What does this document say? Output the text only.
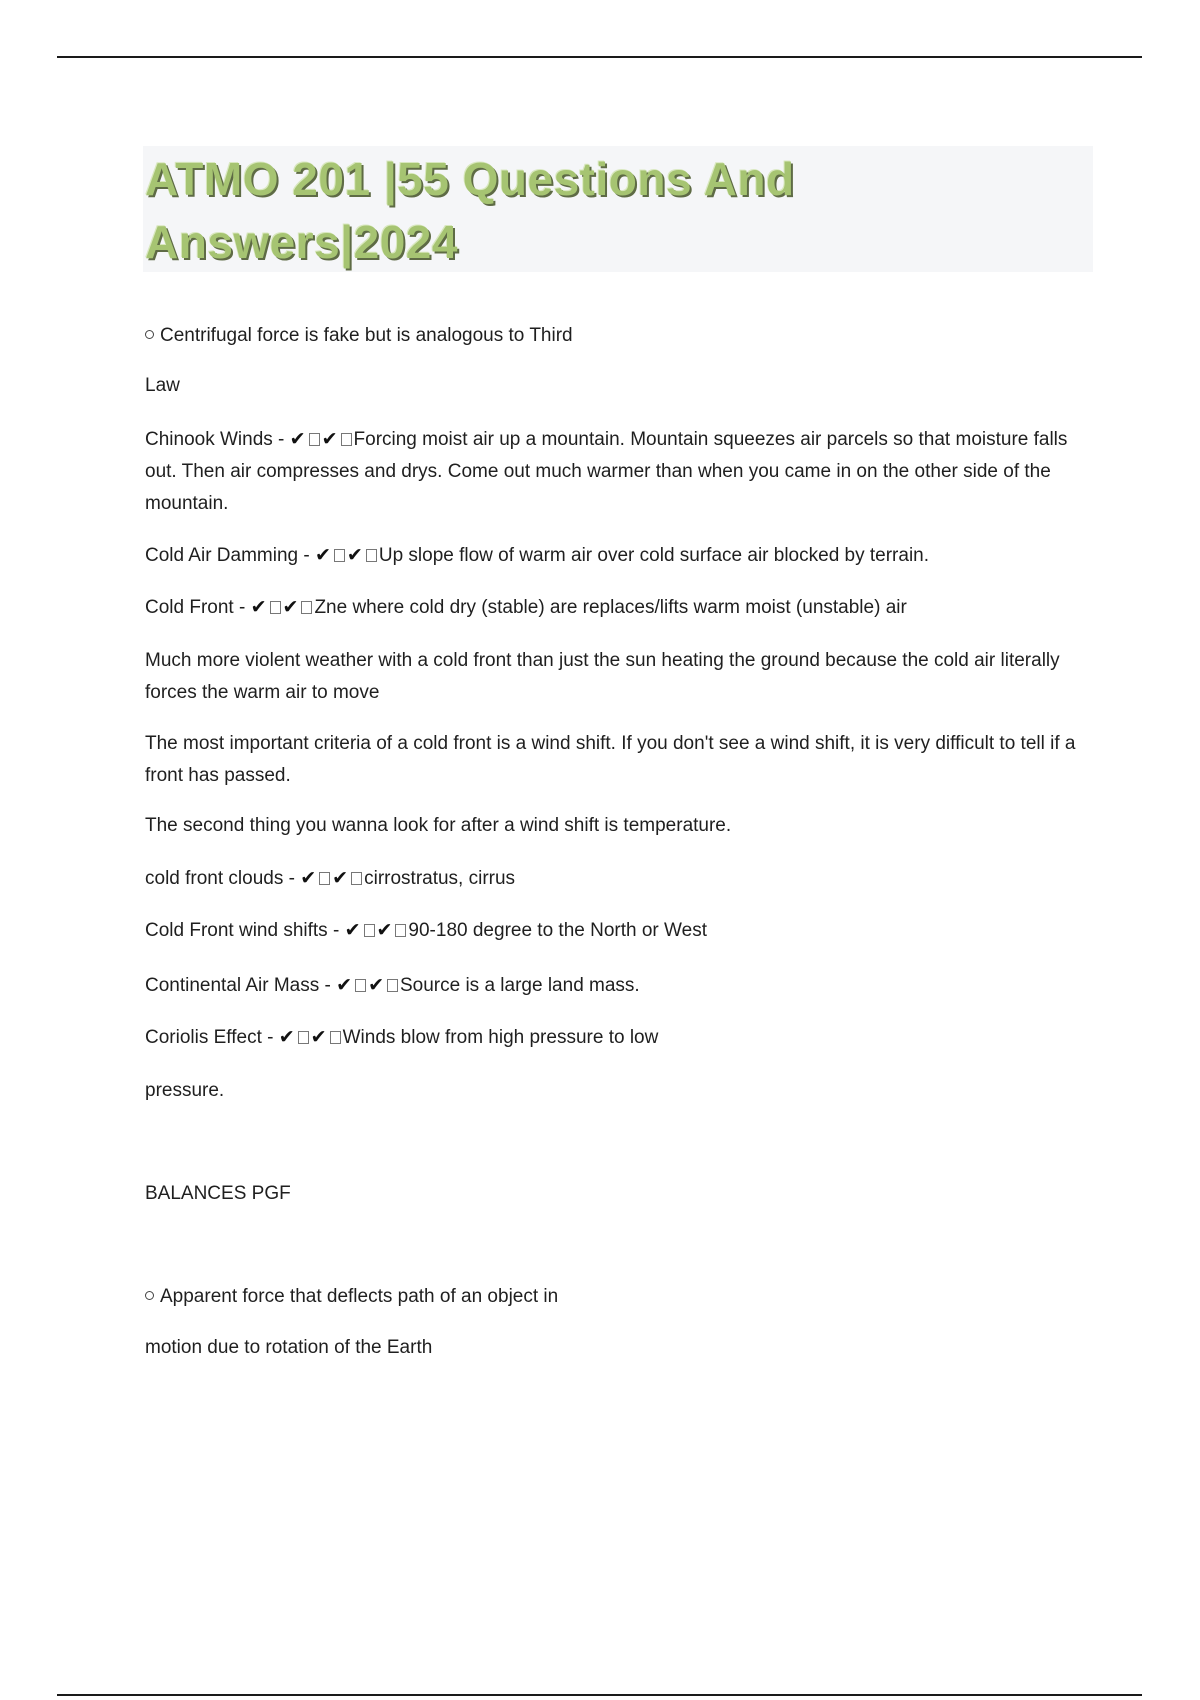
ATMO 201 |55 Questions And Answers|2024

Centrifugal force is fake but is analogous to Third

Law

Chinook Winds - ✔ ✔ Forcing moist air up a mountain. Mountain squeezes air parcels so that moisture falls out. Then air compresses and drys. Come out much warmer than when you came in on the other side of the mountain.

Cold Air Damming - ✔ ✔ Up slope flow of warm air over cold surface air blocked by terrain.

Cold Front - ✔ ✔ Zne where cold dry (stable) are replaces/lifts warm moist (unstable) air

Much more violent weather with a cold front than just the sun heating the ground because the cold air literally forces the warm air to move

The most important criteria of a cold front is a wind shift. If you don't see a wind shift, it is very difficult to tell if a front has passed.

The second thing you wanna look for after a wind shift is temperature.

cold front clouds - ✔ ✔ cirrostratus, cirrus

Cold Front wind shifts - ✔ ✔ 90-180 degree to the North or West

Continental Air Mass - ✔ ✔ Source is a large land mass.

Coriolis Effect - ✔ ✔ Winds blow from high pressure to low

pressure.

BALANCES PGF

Apparent force that deflects path of an object in

motion due to rotation of the Earth
